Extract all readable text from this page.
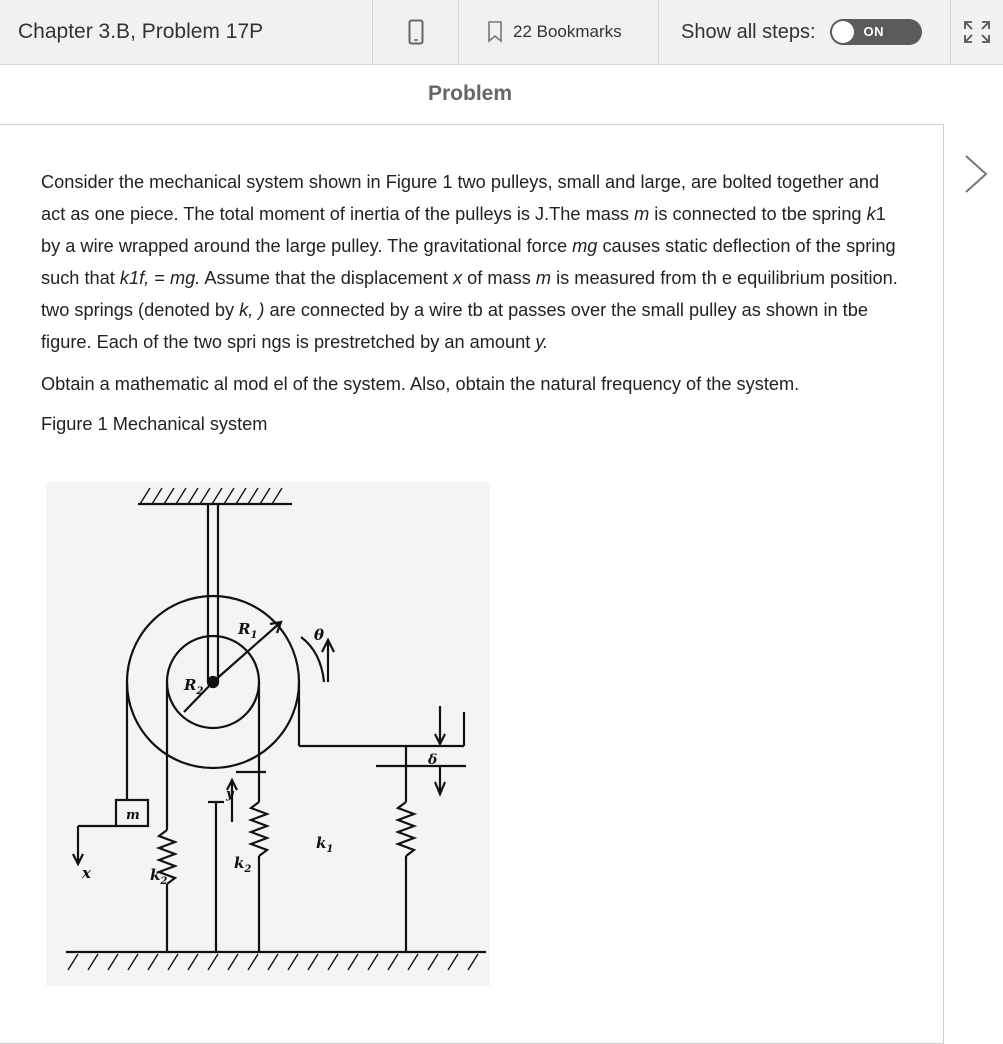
Chapter 3.B, Problem 17P	22 Bookmarks	Show all steps:	ON
Problem

Consider the mechanical system shown in Figure 1 two pulleys, small and large, are bolted together and act as one piece. The total moment of inertia of the pulleys is J.The mass m is connected to tbe spring k1 by a wire wrapped around the large pulley. The gravitational force mg causes static deflection of the spring such that k1f, = mg. Assume that the displacement x of mass m is measured from th e equilibrium position. two springs (denoted by k, ) are connected by a wire tb at passes over the small pulley as shown in tbe figure. Each of the two spri ngs is prestretched by an amount y.

Obtain a mathematic al mod el of the system. Also, obtain the natural frequency of the system.

Figure 1 Mechanical system

$R_1$
$R_2$
θ
m
x
y
δ
$k_2$
$k_2$
$k_1$
